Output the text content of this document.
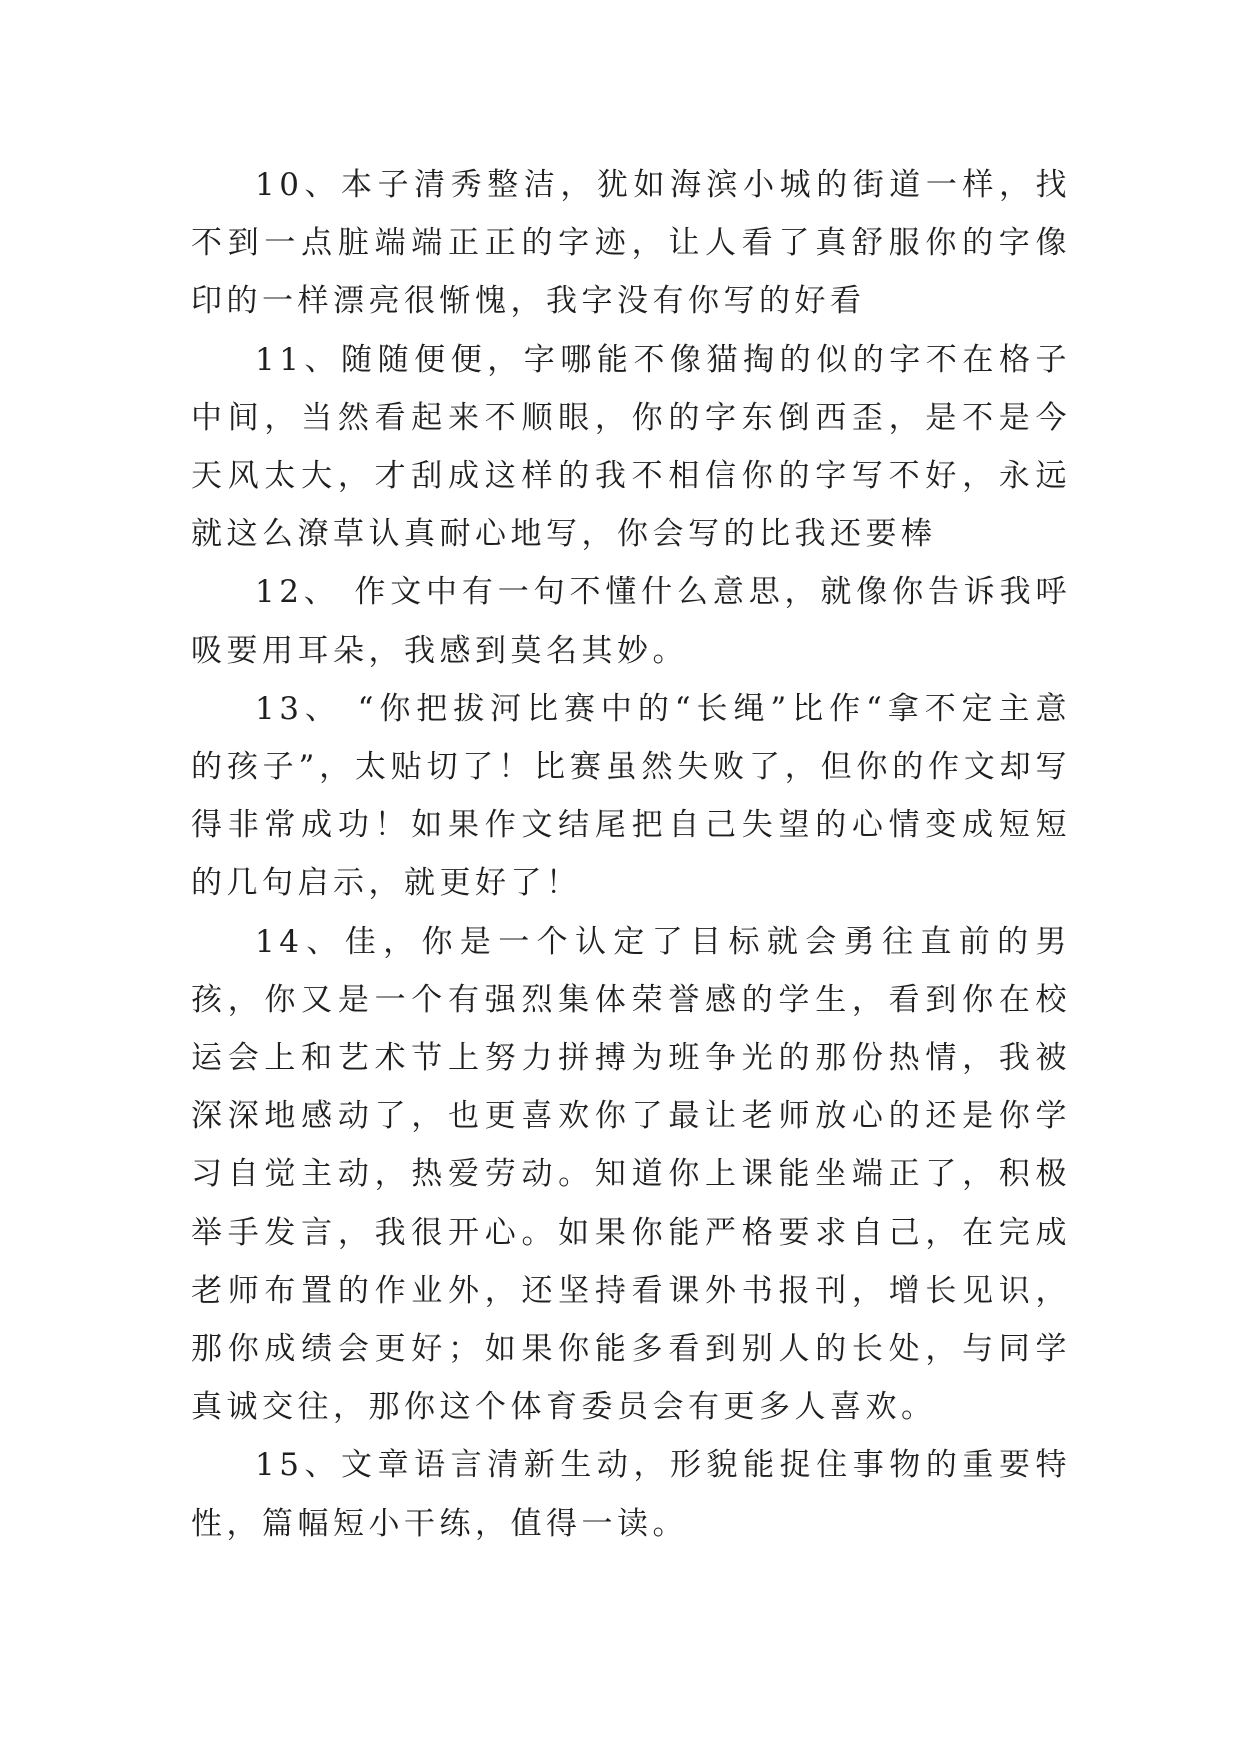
10、本子清秀整洁，犹如海滨小城的街道一样，找不到一点脏端端正正的字迹，让人看了真舒服你的字像印的一样漂亮很惭愧，我字没有你写的好看

11、随随便便，字哪能不像猫掏的似的字不在格子中间，当然看起来不顺眼，你的字东倒西歪，是不是今天风太大，才刮成这样的我不相信你的字写不好，永远就这么潦草认真耐心地写，你会写的比我还要棒

12、 作文中有一句不懂什么意思，就像你告诉我呼吸要用耳朵，我感到莫名其妙。

13、 “你把拔河比赛中的“长绳”比作“拿不定主意的孩子”，太贴切了！比赛虽然失败了，但你的作文却写得非常成功！如果作文结尾把自己失望的心情变成短短的几句启示，就更好了！

14、佳，你是一个认定了目标就会勇往直前的男孩，你又是一个有强烈集体荣誉感的学生，看到你在校运会上和艺术节上努力拼搏为班争光的那份热情，我被深深地感动了，也更喜欢你了最让老师放心的还是你学习自觉主动，热爱劳动。知道你上课能坐端正了，积极举手发言，我很开心。如果你能严格要求自己，在完成老师布置的作业外，还坚持看课外书报刊，增长见识，那你成绩会更好；如果你能多看到别人的长处，与同学真诚交往，那你这个体育委员会有更多人喜欢。

15、文章语言清新生动，形貌能捉住事物的重要特性，篇幅短小干练，值得一读。
